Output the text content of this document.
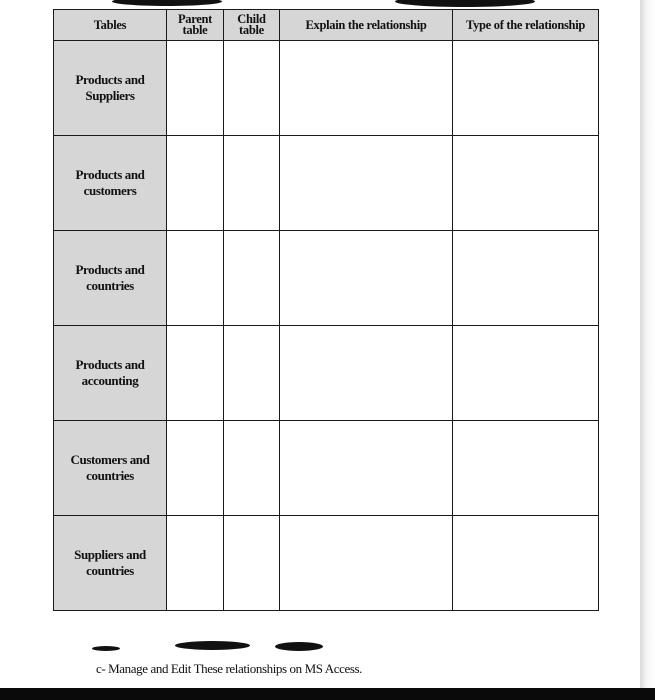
Tables	Parent table	Child table	Explain the relationship	Type of the relationship
Products and Suppliers				
Products and customers				
Products and countries				
Products and accounting				
Customers and countries				
Suppliers and countries				
c- Manage and Edit These relationships on MS Access.
